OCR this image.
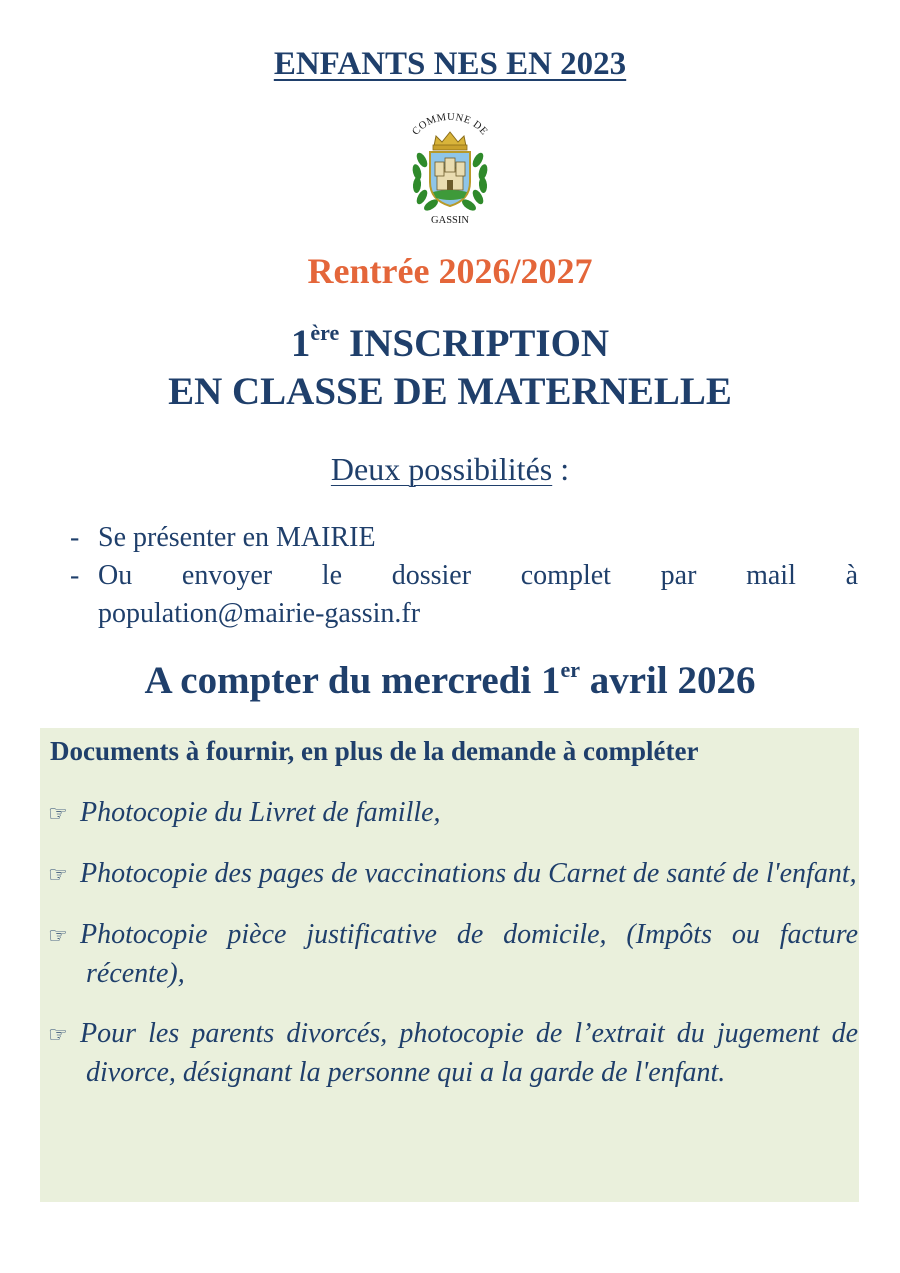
ENFANTS NES EN 2023
COMMUNE DE
GASSIN
Rentrée 2026/2027
1ère INSCRIPTION
EN CLASSE DE MATERNELLE
Deux possibilités :
- Se présenter en MAIRIE
- Ou envoyer le dossier complet par mail à
population@mairie-gassin.fr
A compter du mercredi 1er avril 2026
Documents à fournir, en plus de la demande à compléter
☞ Photocopie du Livret de famille,
☞ Photocopie des pages de vaccinations du Carnet de santé de l'enfant,
☞ Photocopie pièce justificative de domicile, (Impôts ou facture récente),
☞ Pour les parents divorcés, photocopie de l’extrait du jugement de divorce, désignant la personne qui a la garde de l'enfant.
